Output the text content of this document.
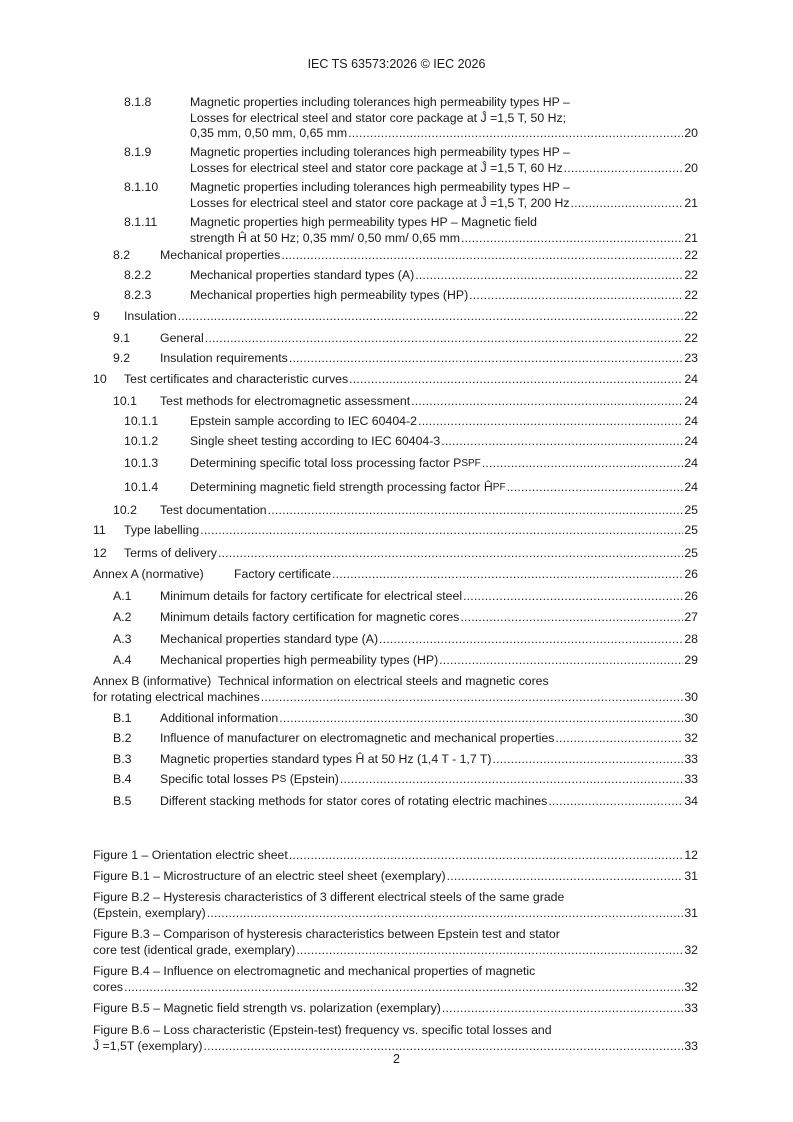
IEC TS 63573:2026 © IEC 2026
8.1.8	Magnetic properties including tolerances high permeability types HP –
Losses for electrical steel and stator core package at Ĵ =1,5 T, 50 Hz;
0,35 mm, 0,50 mm, 0,65 mm .....	20
8.1.9	Magnetic properties including tolerances high permeability types HP –
Losses for electrical steel and stator core package at Ĵ =1,5 T, 60 Hz .....	20
8.1.10	Magnetic properties including tolerances high permeability types HP –
Losses for electrical steel and stator core package at Ĵ =1,5 T, 200 Hz .....	21
8.1.11	Magnetic properties high permeability types HP – Magnetic field
strength Ĥ at 50 Hz; 0,35 mm/ 0,50 mm/ 0,65 mm .....	21
8.2 Mechanical properties .....	22
8.2.2	Mechanical properties standard types (A) .....	22
8.2.3	Mechanical properties high permeability types (HP) .....	22
9 Insulation .....	22
9.1 General .....	22
9.2 Insulation requirements .....	23
10 Test certificates and characteristic curves .....	24
10.1 Test methods for electromagnetic assessment .....	24
10.1.1	Epstein sample according to IEC 60404-2 .....	24
10.1.2	Single sheet testing according to IEC 60404-3 .....	24
10.1.3	Determining specific total loss processing factor P SPF .....	24
10.1.4	Determining magnetic field strength processing factor Ĥ PF .....	24
10.2 Test documentation .....	25
11 Type labelling .....	25
12 Terms of delivery .....	25
Annex A (normative) Factory certificate .....	26
A.1 Minimum details for factory certificate for electrical steel .....	26
A.2 Minimum details factory certification for magnetic cores .....	27
A.3 Mechanical properties standard type (A) .....	28
A.4 Mechanical properties high permeability types (HP) .....	29
Annex B (informative) Technical information on electrical steels and magnetic cores
for rotating electrical machines .....	30
B.1 Additional information .....	30
B.2 Influence of manufacturer on electromagnetic and mechanical properties .....	32
B.3 Magnetic properties standard types Ĥ at 50 Hz (1,4 T - 1,7 T) .....	33
B.4 Specific total losses P S (Epstein) .....	33
B.5 Different stacking methods for stator cores of rotating electric machines .....	34
Figure 1 – Orientation electric sheet .....	12
Figure B.1 – Microstructure of an electric steel sheet (exemplary) .....	31
Figure B.2 – Hysteresis characteristics of 3 different electrical steels of the same grade
(Epstein, exemplary) .....	31
Figure B.3 – Comparison of hysteresis characteristics between Epstein test and stator
core test (identical grade, exemplary) .....	32
Figure B.4 – Influence on electromagnetic and mechanical properties of magnetic
cores .....	32
Figure B.5 – Magnetic field strength vs. polarization (exemplary) .....	33
Figure B.6 – Loss characteristic (Epstein-test) frequency vs. specific total losses and
Ĵ =1,5T (exemplary) .....	33
2
